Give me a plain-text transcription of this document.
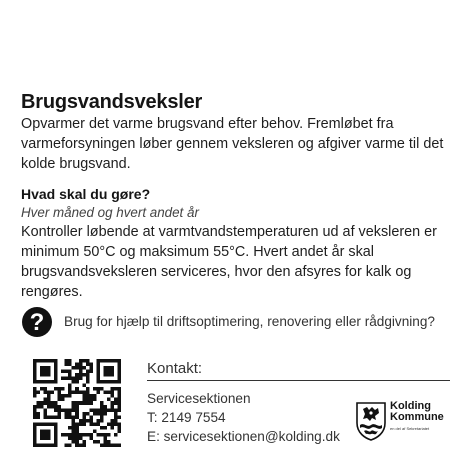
Brugsvandsveksler
Opvarmer det varme brugsvand efter behov. Fremløbet fra varmeforsyningen løber gennem veksleren og afgiver varme til det kolde brugsvand.
Hvad skal du gøre?
Hver måned og hvert andet år
Kontroller løbende at varmtvandstemperaturen ud af veksleren er minimum 50°C og maksimum 55°C. Hvert andet år skal brugsvandsveksleren serviceres, hvor den afsyres for kalk og rengøres.
?	Brug for hjælp til driftsoptimering, renovering eller rådgivning?
Kontakt:
Servicesektionen
T: 2149 7554
E: servicesektionen@kolding.dk
Kolding
Kommune
en del af Sekretariatet
